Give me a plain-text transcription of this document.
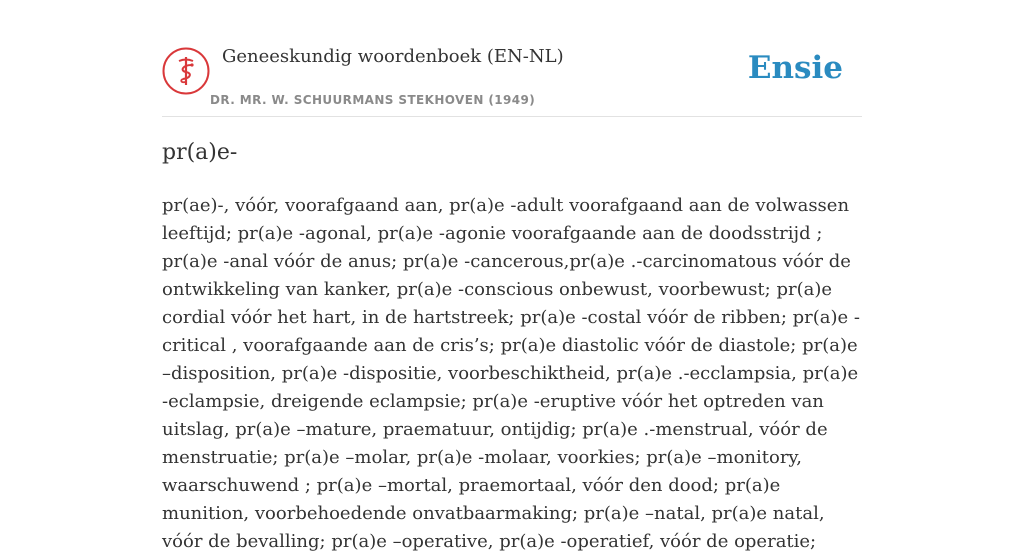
Geneeskundig woordenboek (EN-NL)
DR. MR. W. SCHUURMANS STEKHOVEN (1949)
Ensie
pr(a)e-

pr(ae)-, vóór, voorafgaand aan, pr(a)e -adult voorafgaand aan de volwassen leeftijd; pr(a)e -agonal, pr(a)e -agonie voorafgaande aan de doodsstrijd ; pr(a)e -anal vóór de anus; pr(a)e -cancerous,pr(a)e .-carcinomatous vóór de ontwikkeling van kanker, pr(a)e -conscious onbewust, voorbewust; pr(a)e cordial vóór het hart, in de hartstreek; pr(a)e -costal vóór de ribben; pr(a)e -critical , voorafgaande aan de cris’s; pr(a)e diastolic vóór de diastole; pr(a)e –disposition, pr(a)e -dispositie, voorbeschiktheid, pr(a)e .-ecclampsia, pr(a)e -eclampsie, dreigende eclampsie; pr(a)e -eruptive vóór het optreden van uitslag, pr(a)e –mature, praematuur, ontijdig; pr(a)e .-menstrual, vóór de menstruatie; pr(a)e –molar, pr(a)e -molaar, voorkies; pr(a)e –monitory, waarschuwend ; pr(a)e –mortal, praemortaal, vóór den dood; pr(a)e munition, voorbehoedende onvatbaarmaking; pr(a)e –natal, pr(a)e natal, vóór de bevalling; pr(a)e –operative, pr(a)e -operatief, vóór de operatie;
